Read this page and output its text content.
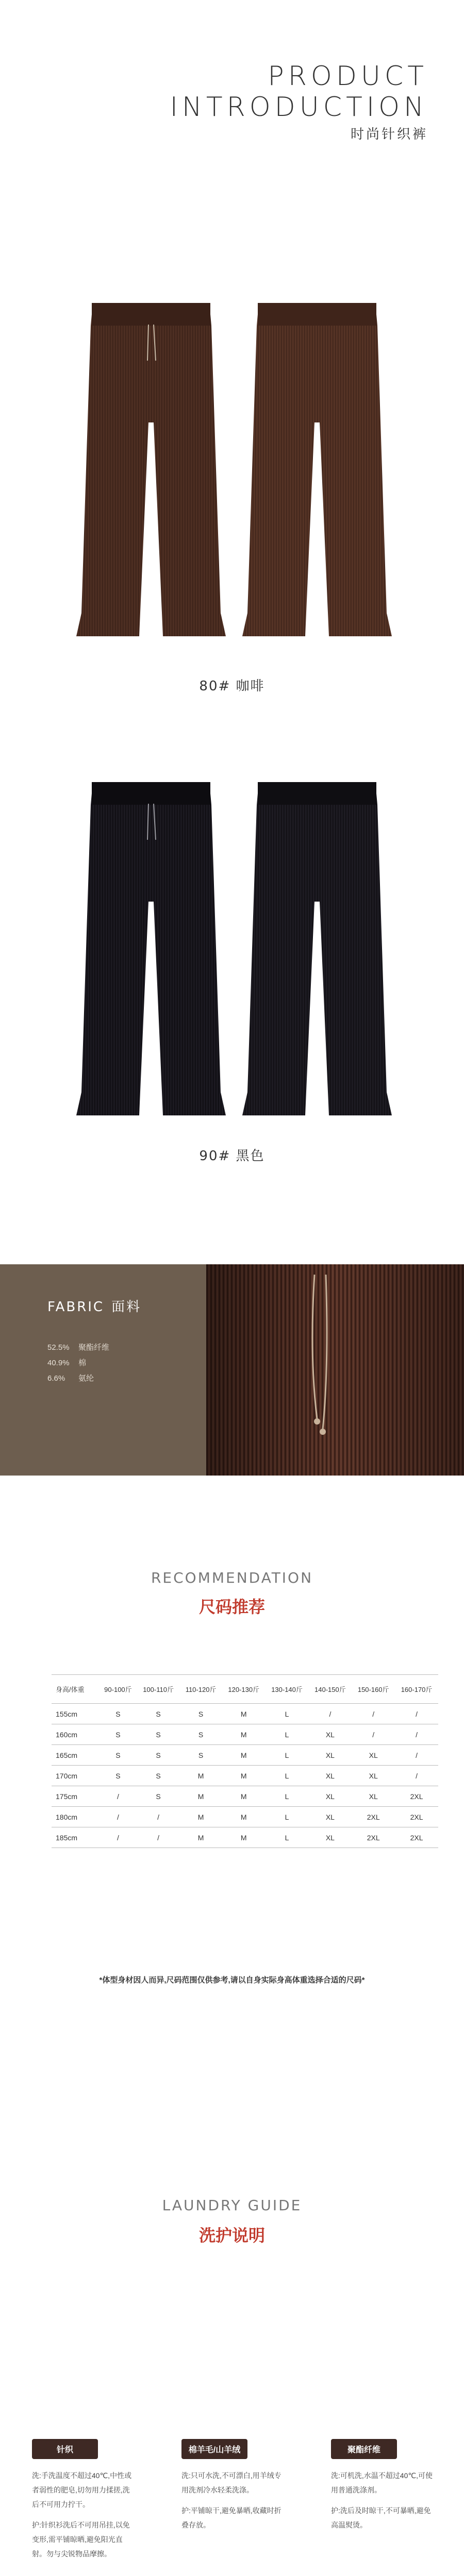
PRODUCT
INTRODUCTION
时尚针织裤
80# 咖啡
90# 黑色
FABRIC 面料
52.5% 聚酯纤维
40.9% 棉
6.6% 氨纶
RECOMMENDATION
尺码推荐
身高/体重	90-100斤	100-110斤	110-120斤	120-130斤	130-140斤	140-150斤	150-160斤	160-170斤
155cm	S	S	S	M	L	/	/	/
160cm	S	S	S	M	L	XL	/	/
165cm	S	S	S	M	L	XL	XL	/
170cm	S	S	M	M	L	XL	XL	/
175cm	/	S	M	M	L	XL	XL	2XL
180cm	/	/	M	M	L	XL	2XL	2XL
185cm	/	/	M	M	L	XL	2XL	2XL
*体型身材因人而异,尺码范围仅供参考,请以自身实际身高体重选择合适的尺码*
LAUNDRY GUIDE
洗护说明
针织

洗:手洗温度不超过40℃,中性或者弱性的肥皂,切勿用力揉搓,洗后不可用力拧干。

护:针织衫洗后不可用吊挂,以免变形,需平铺晾晒,避免阳光直射。勿与尖锐物品摩擦。

棉羊毛/山羊绒

洗:只可水洗,不可漂白,用羊绒专用洗剂冷水轻柔洗涤。

护:平铺晾干,避免暴晒,收藏时折叠存放。

聚酯纤维

洗:可机洗,水温不超过40℃,可使用普通洗涤剂。

护:洗后及时晾干,不可暴晒,避免高温熨烫。
